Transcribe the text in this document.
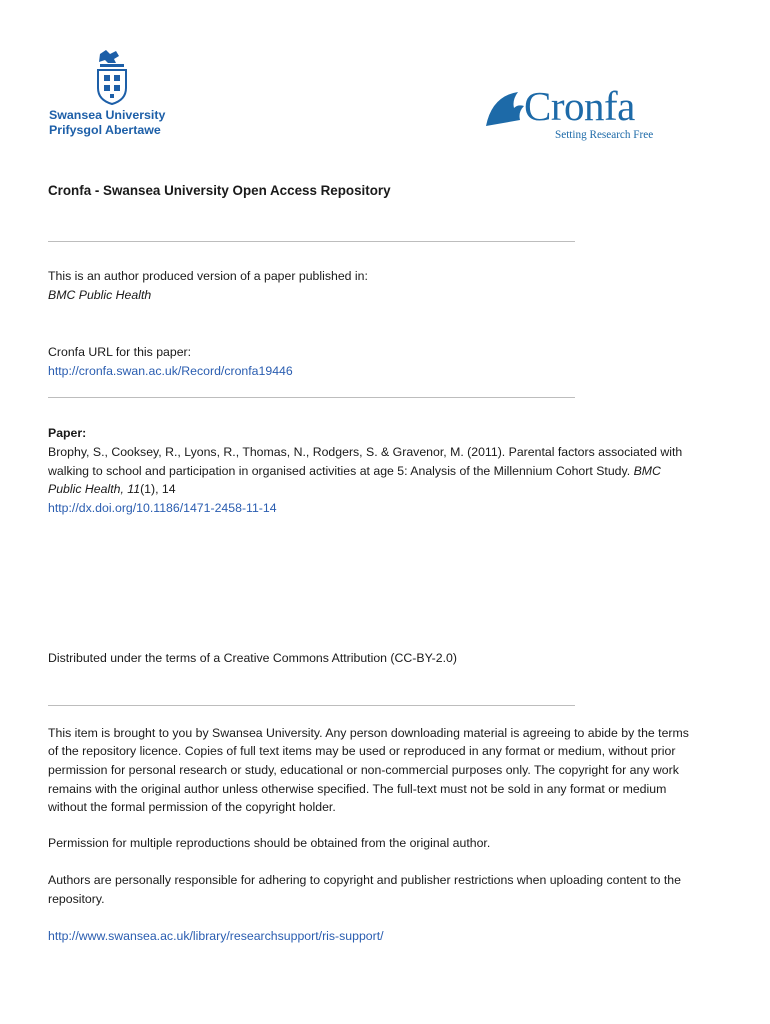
Swansea University
Prifysgol Abertawe
Cronfa
Setting Research Free
Cronfa - Swansea University Open Access Repository
This is an author produced version of a paper published in:
BMC Public Health
Cronfa URL for this paper:
http://cronfa.swan.ac.uk/Record/cronfa19446
Paper:
Brophy, S., Cooksey, R., Lyons, R., Thomas, N., Rodgers, S. & Gravenor, M. (2011). Parental factors associated with
walking to school and participation in organised activities at age 5: Analysis of the Millennium Cohort Study. BMC
Public Health, 11(1), 14
http://dx.doi.org/10.1186/1471-2458-11-14
Distributed under the terms of a Creative Commons Attribution (CC-BY-2.0)
This item is brought to you by Swansea University. Any person downloading material is agreeing to abide by the terms
of the repository licence. Copies of full text items may be used or reproduced in any format or medium, without prior
permission for personal research or study, educational or non-commercial purposes only. The copyright for any work
remains with the original author unless otherwise specified. The full-text must not be sold in any format or medium
without the formal permission of the copyright holder.
Permission for multiple reproductions should be obtained from the original author.
Authors are personally responsible for adhering to copyright and publisher restrictions when uploading content to the
repository.
http://www.swansea.ac.uk/library/researchsupport/ris-support/
